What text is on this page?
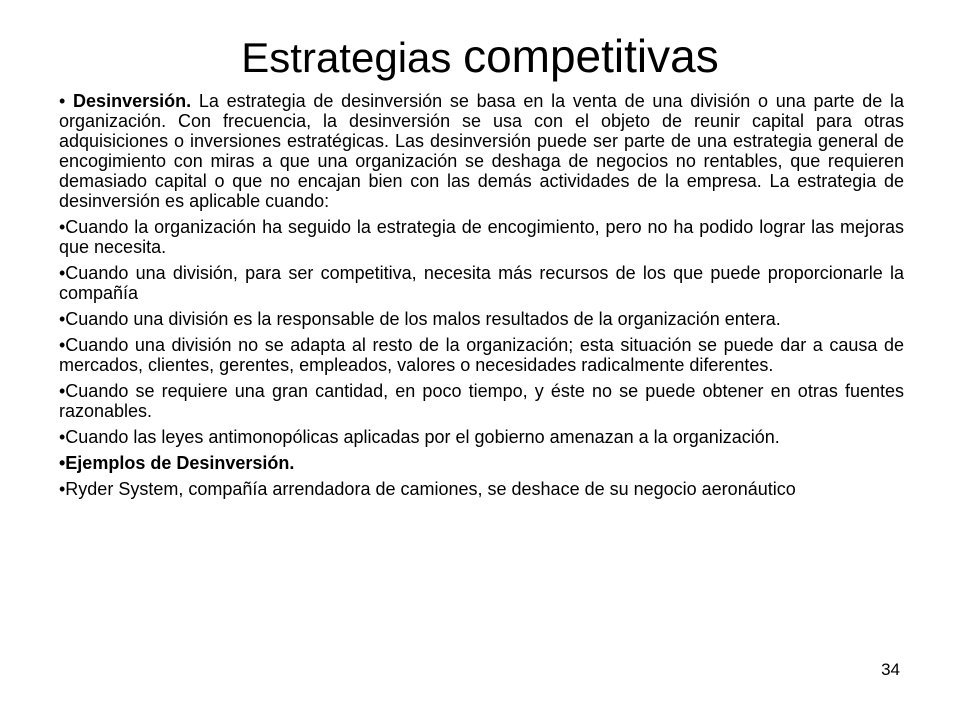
Estrategias competitivas

• Desinversión. La estrategia de desinversión se basa en la venta de una división o una parte de la organización. Con frecuencia, la desinversión se usa con el objeto de reunir capital para otras adquisiciones o inversiones estratégicas. Las desinversión puede ser parte de una estrategia general de encogimiento con miras a que una organización se deshaga de negocios no rentables, que requieren demasiado capital o que no encajan bien con las demás actividades de la empresa. La estrategia de desinversión es aplicable cuando:

•Cuando la organización ha seguido la estrategia de encogimiento, pero no ha podido lograr las mejoras que necesita.

•Cuando una división, para ser competitiva, necesita más recursos de los que puede proporcionarle la compañía

•Cuando una división es la responsable de los malos resultados de la organización entera.

•Cuando una división no se adapta al resto de la organización; esta situación se puede dar a causa de mercados, clientes, gerentes, empleados, valores o necesidades radicalmente diferentes.

•Cuando se requiere una gran cantidad, en poco tiempo, y éste no se puede obtener en otras fuentes razonables.

•Cuando las leyes antimonopólicas aplicadas por el gobierno amenazan a la organización.

•Ejemplos de Desinversión.

•Ryder System, compañía arrendadora de camiones, se deshace de su negocio aeronáutico

34
